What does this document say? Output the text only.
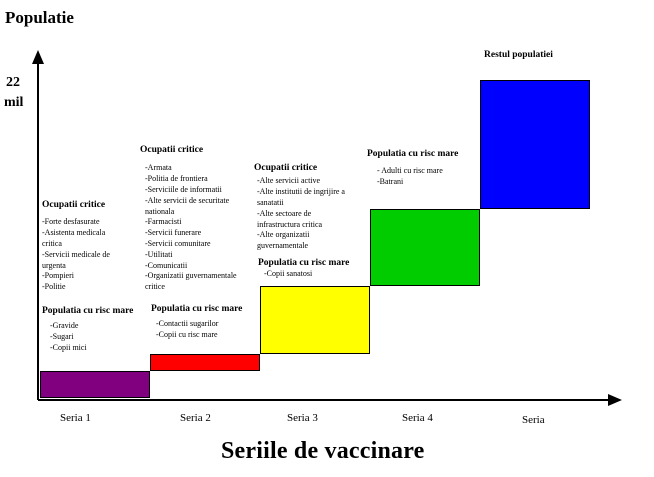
Populatie
22
mil
Ocupatii critice
-Forte desfasurate
-Asistenta medicala
critica
-Servicii medicale de
urgenta
-Pompieri
-Politie
Populatia cu risc mare
-Gravide
-Sugari
-Copii mici
Ocupatii critice
-Armata
-Politia de frontiera
-Serviciile de informatii
-Alte servicii de securitate
nationala
-Farmacisti
-Servicii funerare
-Servicii comunitare
-Utilitati
-Comunicatii
-Organizatii guvernamentale
critice
Populatia cu risc mare
-Contactii sugarilor
-Copii cu risc mare
Ocupatii critice
-Alte servicii active
-Alte institutii de ingrijire a
sanatatii
-Alte sectoare de
infrastructura critica
-Alte organizatii
guvernamentale
Populatia cu risc mare
-Copii sanatosi
Populatia cu risc mare
- Adulti cu risc mare
-Batrani
Restul populatiei
Seria 1	Seria 2	Seria 3	Seria 4	Seria
Seriile de vaccinare
